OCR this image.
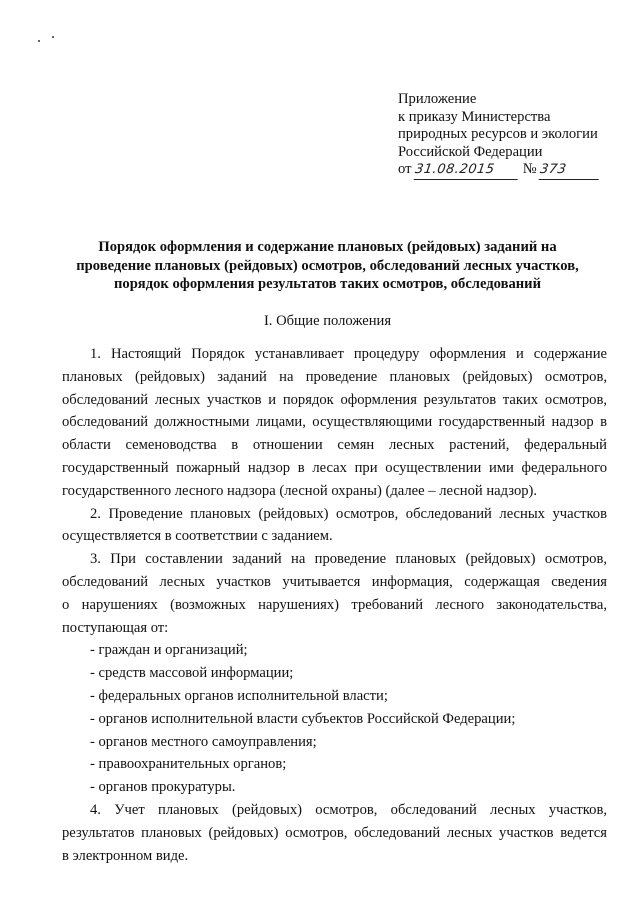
Приложение
к приказу Министерства
природных ресурсов и экологии
Российской Федерации
от 31.08.2015 № 373
Порядок оформления и содержание плановых (рейдовых) заданий на
проведение плановых (рейдовых) осмотров, обследований лесных участков,
порядок оформления результатов таких осмотров, обследований
I. Общие положения
1. Настоящий Порядок устанавливает процедуру оформления и содержание
плановых (рейдовых) заданий на проведение плановых (рейдовых) осмотров,
обследований лесных участков и порядок оформления результатов таких осмотров,
обследований должностными лицами, осуществляющими государственный надзор в
области семеноводства в отношении семян лесных растений, федеральный
государственный пожарный надзор в лесах при осуществлении ими федерального
государственного лесного надзора (лесной охраны) (далее – лесной надзор).
2. Проведение плановых (рейдовых) осмотров, обследований лесных участков
осуществляется в соответствии с заданием.
3. При составлении заданий на проведение плановых (рейдовых) осмотров,
обследований лесных участков учитывается информация, содержащая сведения
о нарушениях (возможных нарушениях) требований лесного законодательства,
поступающая от:
- граждан и организаций;
- средств массовой информации;
- федеральных органов исполнительной власти;
- органов исполнительной власти субъектов Российской Федерации;
- органов местного самоуправления;
- правоохранительных органов;
- органов прокуратуры.
4. Учет плановых (рейдовых) осмотров, обследований лесных участков,
результатов плановых (рейдовых) осмотров, обследований лесных участков ведется
в электронном виде.
